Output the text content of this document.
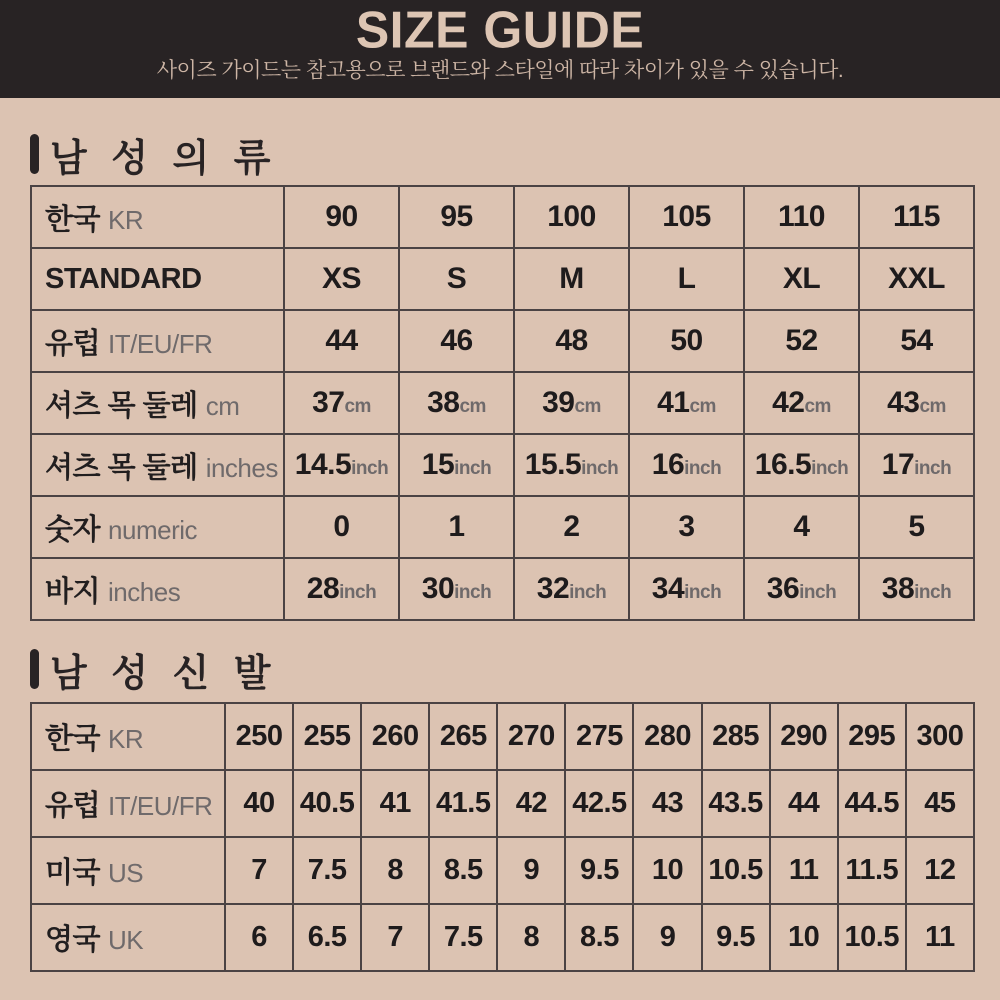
SIZE GUIDE

사이즈 가이드는 참고용으로 브랜드와 스타일에 따라 차이가 있을 수 있습니다.

남 성 의 류
한국 KR	90	95	100	105	110	115
STANDARD	XS	S	M	L	XL	XXL
유럽 IT/EU/FR	44	46	48	50	52	54
셔츠 목 둘레 cm	37cm	38cm	39cm	41cm	42cm	43cm
셔츠 목 둘레 inches	14.5inch	15inch	15.5inch	16inch	16.5inch	17inch
숫자 numeric	0	1	2	3	4	5
바지 inches	28inch	30inch	32inch	34inch	36inch	38inch
남 성 신 발
한국 KR	250	255	260	265	270	275	280	285	290	295	300
유럽 IT/EU/FR	40	40.5	41	41.5	42	42.5	43	43.5	44	44.5	45
미국 US	7	7.5	8	8.5	9	9.5	10	10.5	11	11.5	12
영국 UK	6	6.5	7	7.5	8	8.5	9	9.5	10	10.5	11
